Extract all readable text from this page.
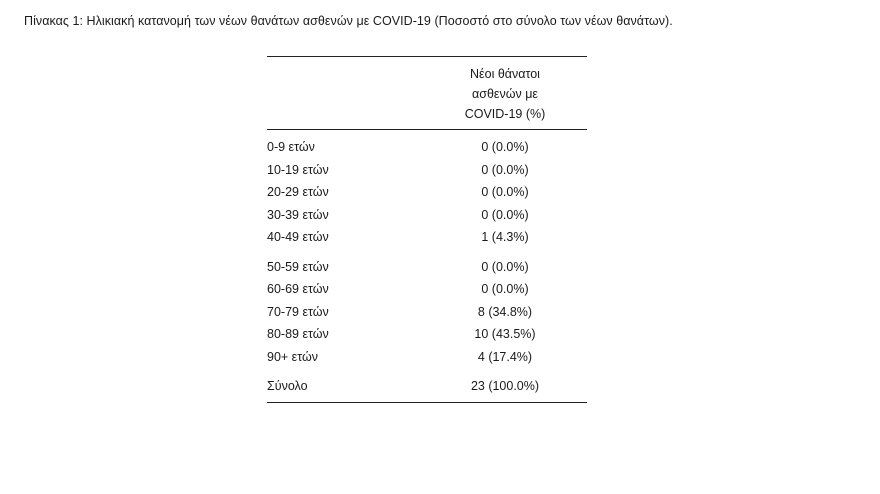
Πίνακας 1: Ηλικιακή κατανομή των νέων θανάτων ασθενών με COVID-19 (Ποσοστό στο σύνολο των νέων θανάτων).
Νέοι θάνατοι
ασθενών με
COVID-19 (%)
0-9 ετών	0 (0.0%)
10-19 ετών	0 (0.0%)
20-29 ετών	0 (0.0%)
30-39 ετών	0 (0.0%)
40-49 ετών	1 (4.3%)
50-59 ετών	0 (0.0%)
60-69 ετών	0 (0.0%)
70-79 ετών	8 (34.8%)
80-89 ετών	10 (43.5%)
90+ ετών	4 (17.4%)
Σύνολο	23 (100.0%)
